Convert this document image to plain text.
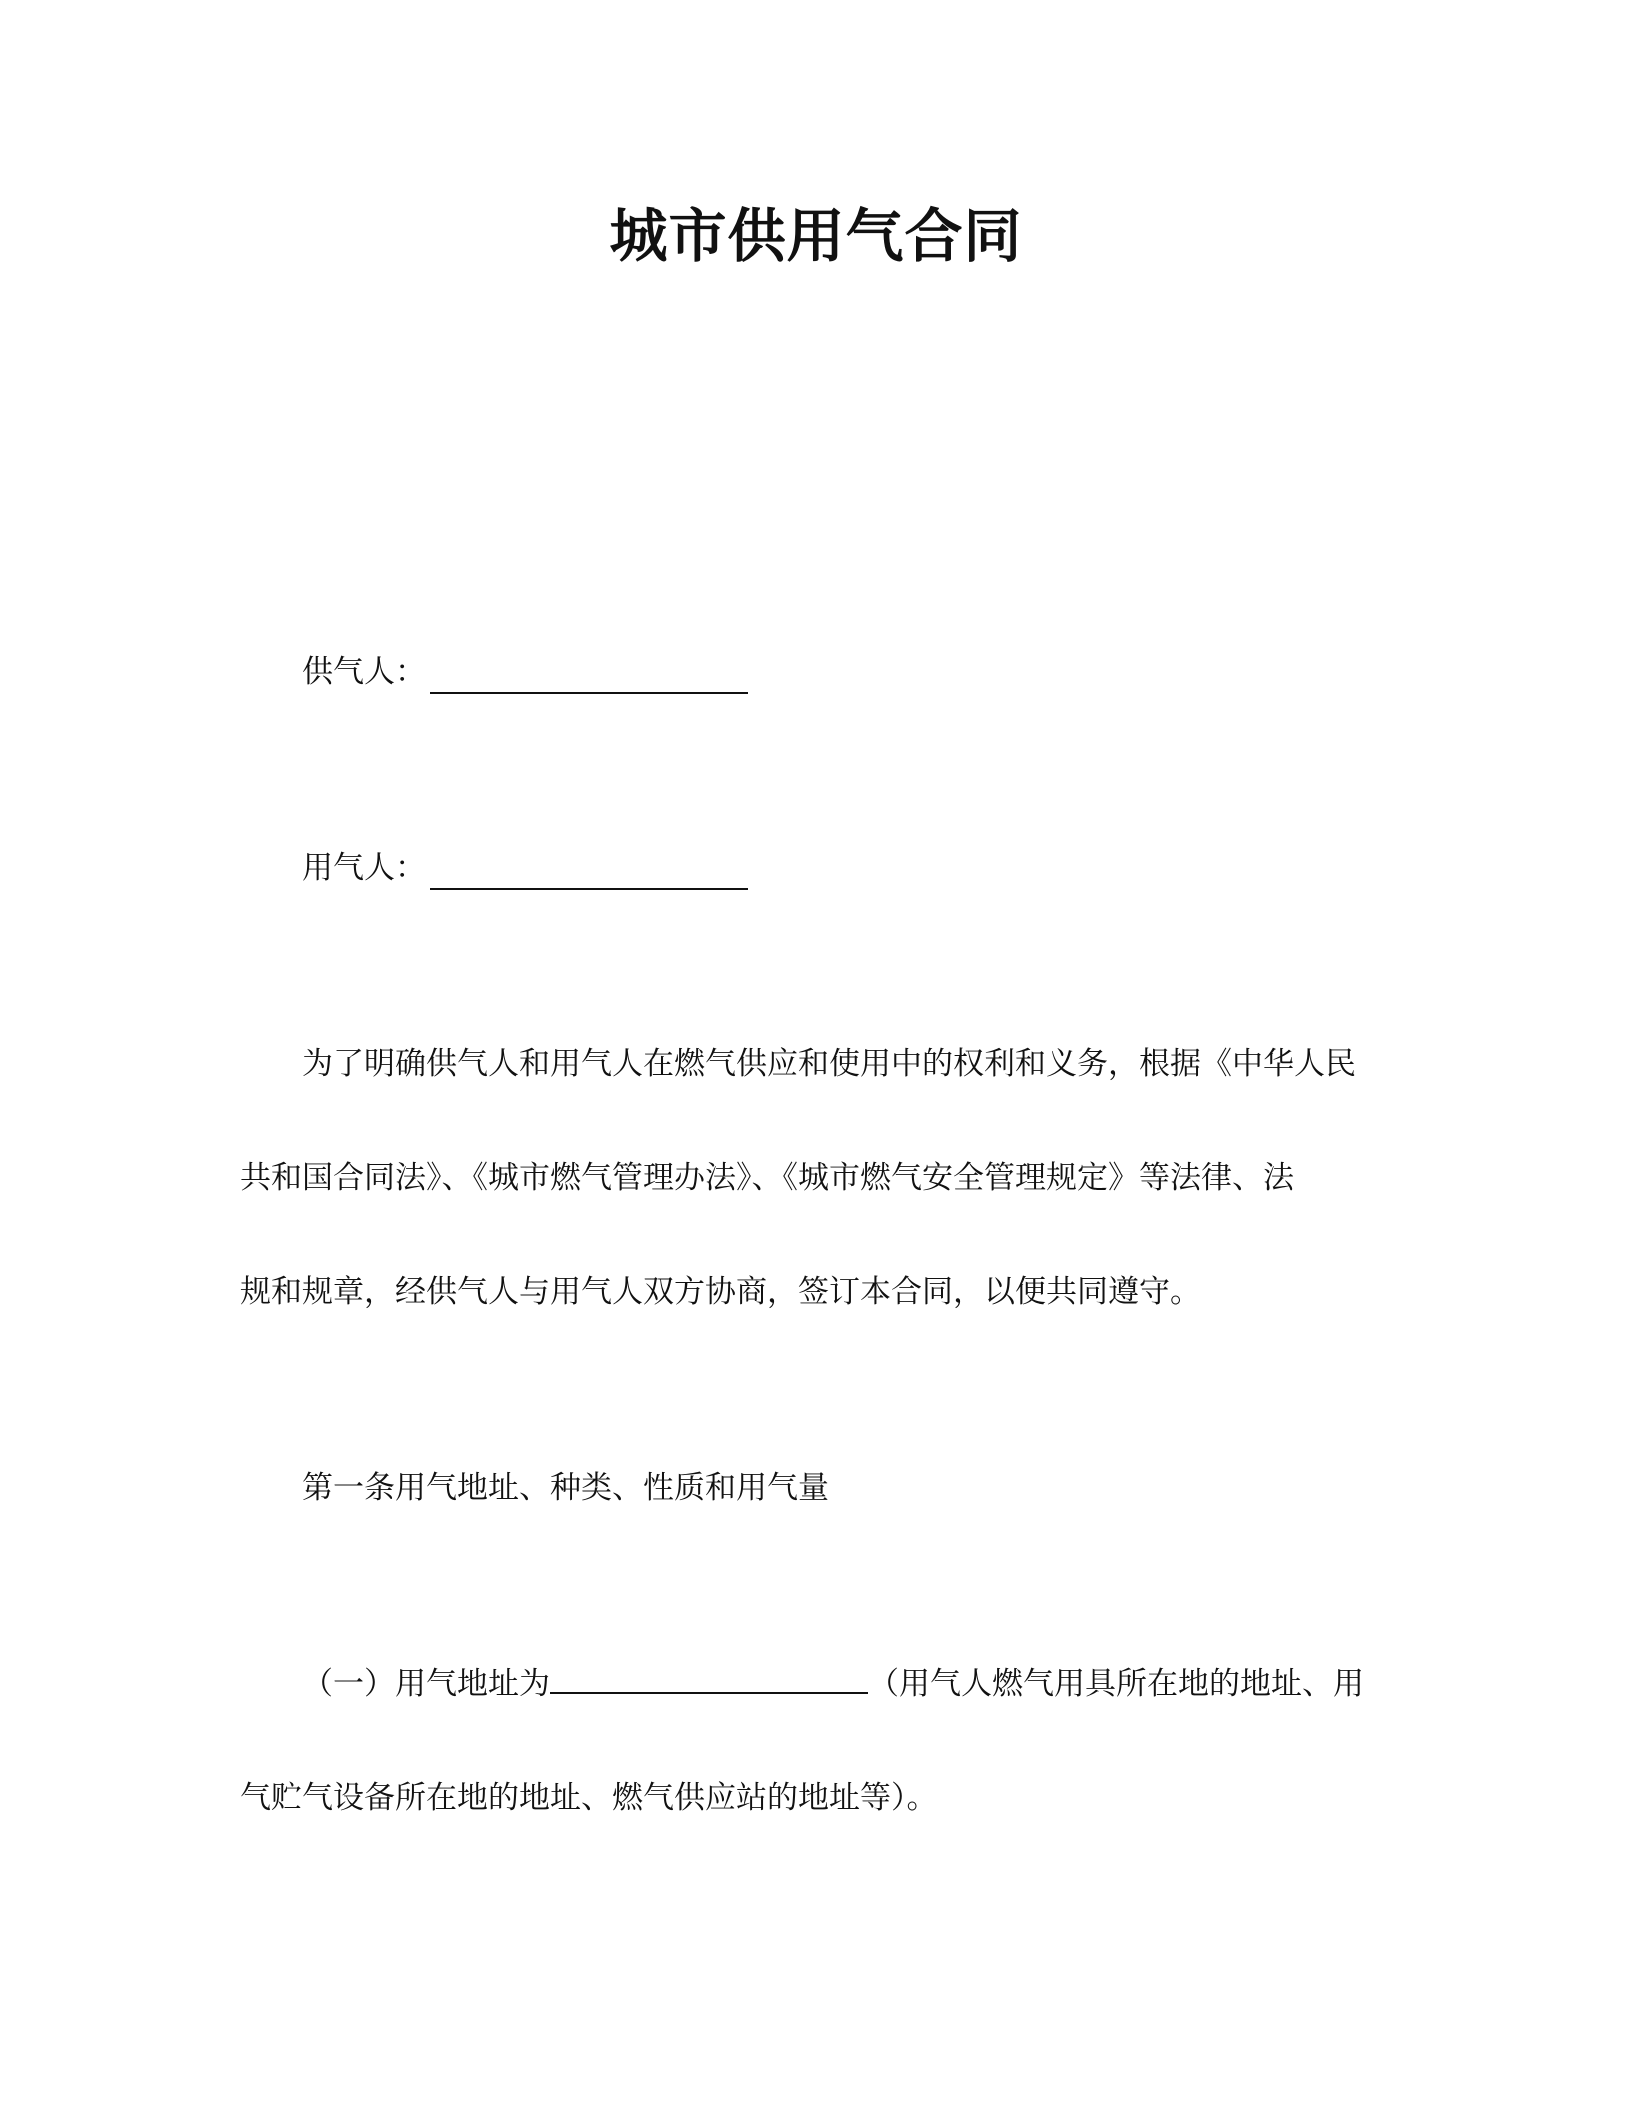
城市供用气合同
供气人：
用气人：
为了明确供气人和用气人在燃气供应和使用中的权利和义务，根据《中华人民
共和国合同法》、《城市燃气管理办法》、《城市燃气安全管理规定》等法律、法
规和规章，经供气人与用气人双方协商，签订本合同，以便共同遵守。
第一条用气地址、种类、性质和用气量
（一）用气地址为	（用气人燃气用具所在地的地址、用
气贮气设备所在地的地址、燃气供应站的地址等）。
